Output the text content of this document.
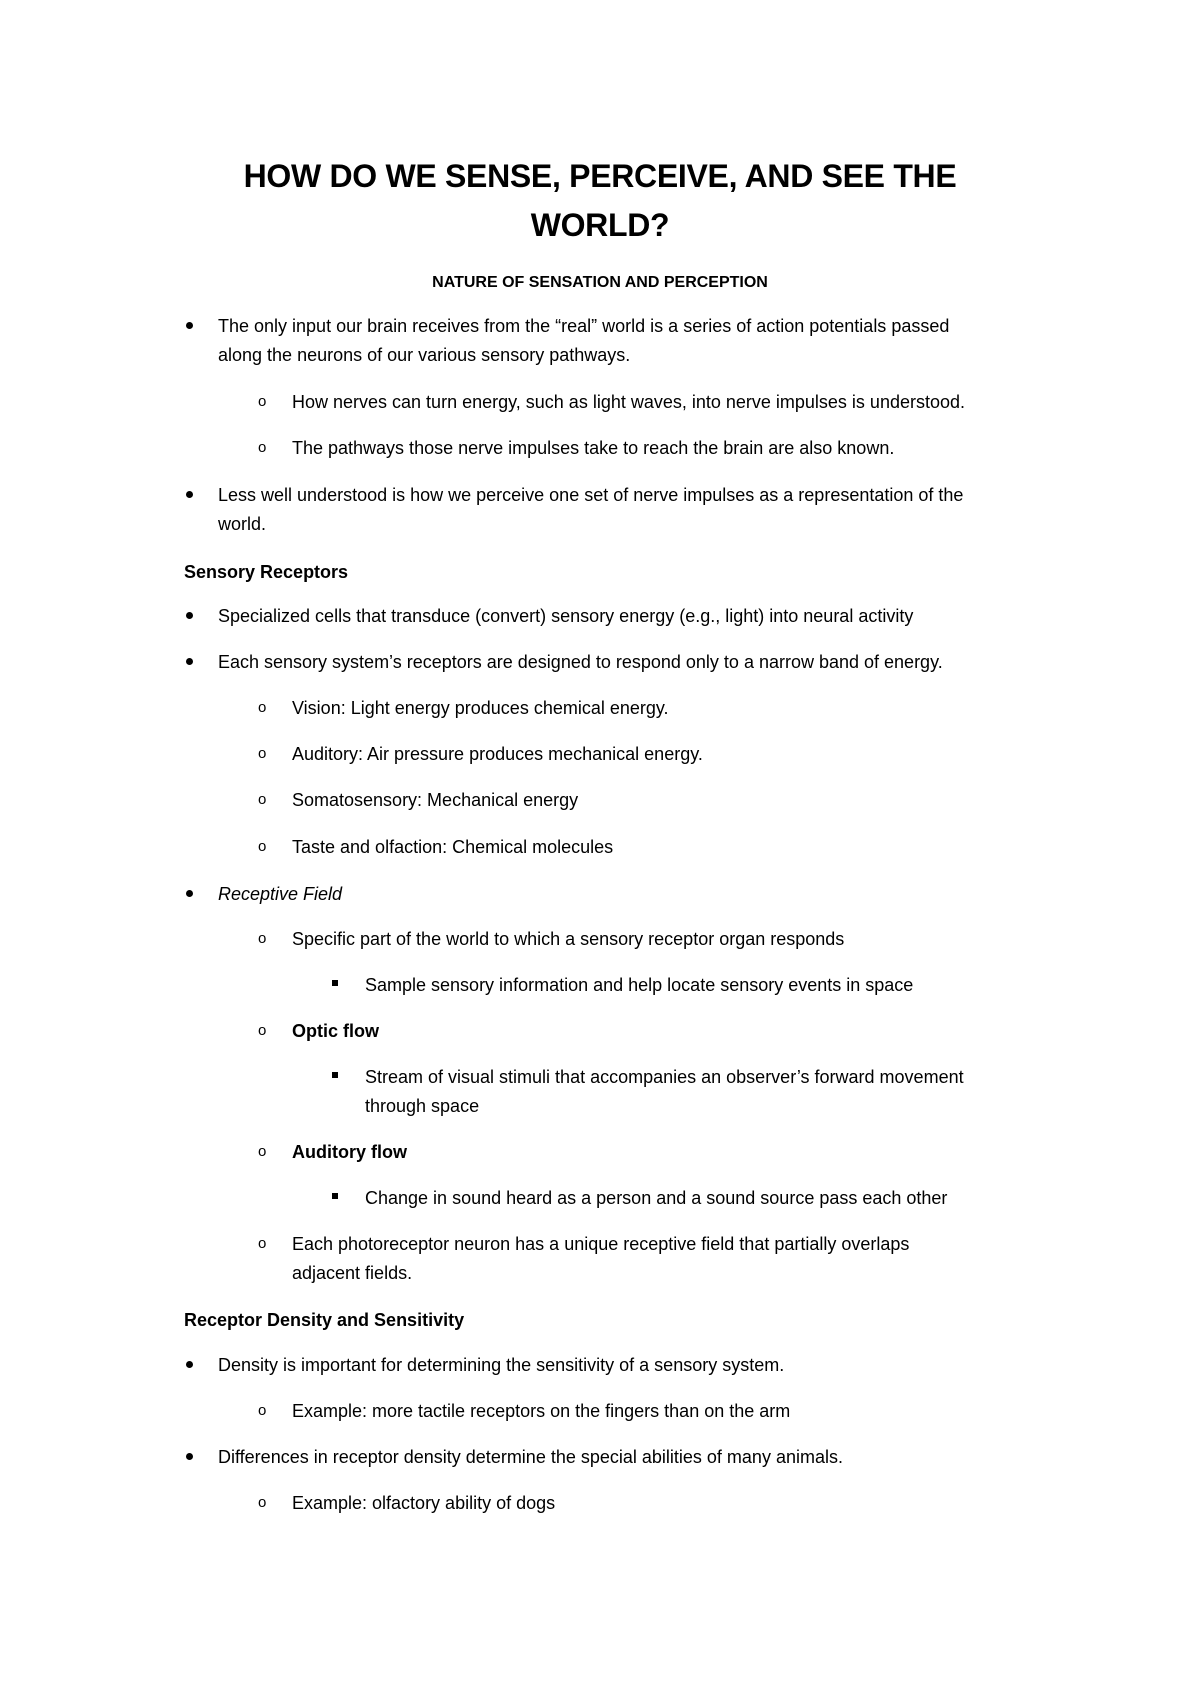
HOW DO WE SENSE, PERCEIVE, AND SEE THE
WORLD?
NATURE OF SENSATION AND PERCEPTION
The only input our brain receives from the “real” world is a series of action potentials passed
along the neurons of our various sensory pathways.
o How nerves can turn energy, such as light waves, into nerve impulses is understood.
o The pathways those nerve impulses take to reach the brain are also known.
Less well understood is how we perceive one set of nerve impulses as a representation of the
world.
Sensory Receptors
Specialized cells that transduce (convert) sensory energy (e.g., light) into neural activity
Each sensory system’s receptors are designed to respond only to a narrow band of energy.
o Vision: Light energy produces chemical energy.
o Auditory: Air pressure produces mechanical energy.
o Somatosensory: Mechanical energy
o Taste and olfaction: Chemical molecules
Receptive Field
o Specific part of the world to which a sensory receptor organ responds
Sample sensory information and help locate sensory events in space
o Optic flow
Stream of visual stimuli that accompanies an observer’s forward movement
through space
o Auditory flow
Change in sound heard as a person and a sound source pass each other
o Each photoreceptor neuron has a unique receptive field that partially overlaps
adjacent fields.
Receptor Density and Sensitivity
Density is important for determining the sensitivity of a sensory system.
o Example: more tactile receptors on the fingers than on the arm
Differences in receptor density determine the special abilities of many animals.
o Example: olfactory ability of dogs
